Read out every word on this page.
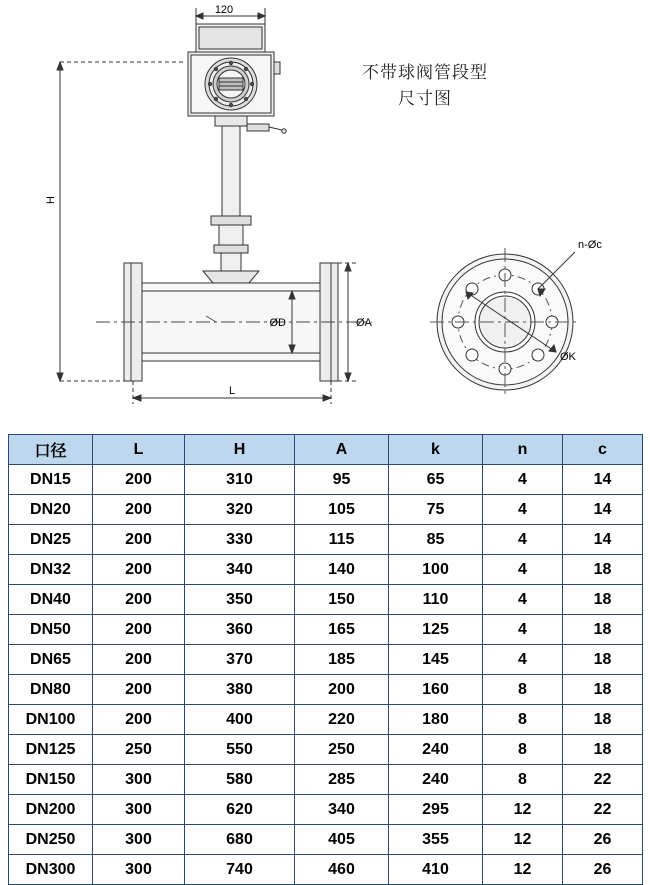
120
H
L
ØD	ØA
n-Øc
ØK
不带球阀管段型
尺寸图
口径	L	H	A	k	n	c
DN15	200	310	95	65	4	14
DN20	200	320	105	75	4	14
DN25	200	330	115	85	4	14
DN32	200	340	140	100	4	18
DN40	200	350	150	110	4	18
DN50	200	360	165	125	4	18
DN65	200	370	185	145	4	18
DN80	200	380	200	160	8	18
DN100	200	400	220	180	8	18
DN125	250	550	250	240	8	18
DN150	300	580	285	240	8	22
DN200	300	620	340	295	12	22
DN250	300	680	405	355	12	26
DN300	300	740	460	410	12	26
